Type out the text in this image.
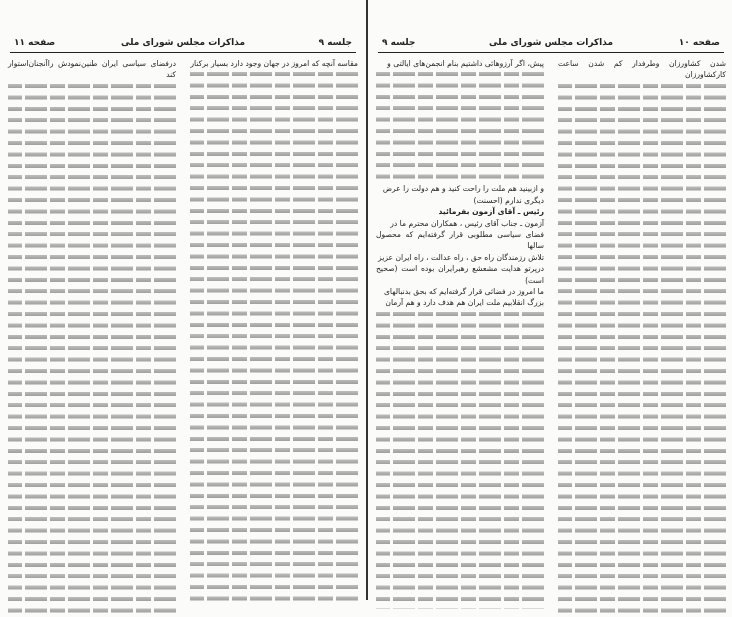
جلسه ۹
مذاکرات مجلس شورای ملی
صفحه ۱۱

مقاسه آنچه که امروز در جهان وجود دارد بسیار برکنار

درفضای سیاسی ایران طنین‌نمودش راآنجنان‌استوار کند

صفحه ۱۰
مذاکرات مجلس شورای ملی
جلسه ۹

شدن کشاورزان وطرفدار کم شدن ساعت کارکشاورزان

پیش، اگر آرزوهائی داشتیم بنام انجمن‌های ایالتی و

و ازبینید هم ملت را راحت کنید و هم دولت را عرض

دیگری ندارم (احسنت)

رئیس ـ آقای آزمون بفرمائید

آزمون ـ جناب آقای رئیس ، همکاران محترم ما در

فضای سیاسی مطلوبی قرار گرفته‌ایم که محصول سالها

تلاش رزمندگان راه حق ، راه عدالت ، راه ایران عزیز

درپرتو هدایت مشعشع رهبرایران بوده است (صحیح است)

ما امروز در فضائی قرار گرفته‌ایم که بحق بدنبالهای

بزرگ انقلابیم ملت ایران هم هدف دارد و هم آرمان
